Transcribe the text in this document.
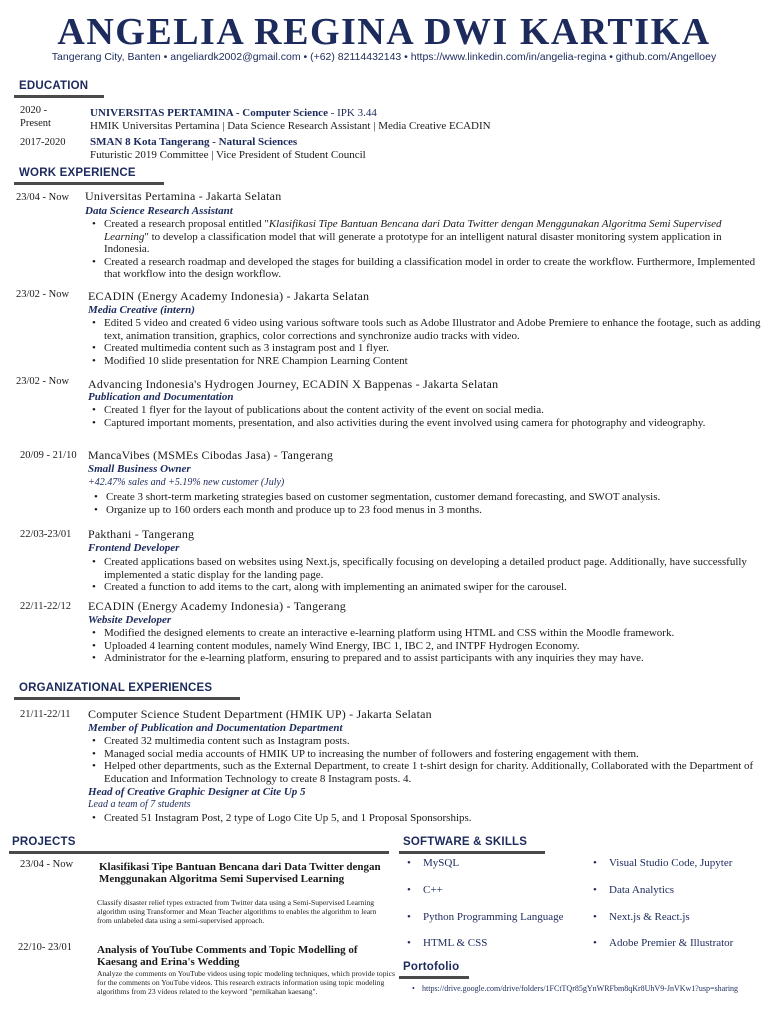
ANGELIA REGINA DWI KARTIKA
Tangerang City, Banten • angeliardk2002@gmail.com • (+62) 82114432143 • https://www.linkedin.com/in/angelia-regina • github.com/Angelloey
EDUCATION
2020 -
Present
UNIVERSITAS PERTAMINA - Computer Science - IPK 3.44
HMIK Universitas Pertamina | Data Science Research Assistant | Media Creative ECADIN
2017-2020 SMAN 8 Kota Tangerang - Natural Sciences
Futuristic 2019 Committee | Vice President of Student Council
WORK EXPERIENCE
23/04 - Now Universitas Pertamina - Jakarta Selatan
Data Science Research Assistant
• Created a research proposal entitled "Klasifikasi Tipe Bantuan Bencana dari Data Twitter dengan Menggunakan Algoritma Semi Supervised Learning" to develop a classification model that will generate a prototype for an intelligent natural disaster monitoring system application in Indonesia.
• Created a research roadmap and developed the stages for building a classification model in order to create the workflow. Furthermore, Implemented that workflow into the design workflow.
23/02 - Now ECADIN (Energy Academy Indonesia) - Jakarta Selatan
Media Creative (intern)
• Edited 5 video and created 6 video using various software tools such as Adobe Illustrator and Adobe Premiere to enhance the footage, such as adding text, animation transition, graphics, color corrections and synchronize audio tracks with video.
• Created multimedia content such as 3 instagram post and 1 flyer.
• Modified 10 slide presentation for NRE Champion Learning Content
23/02 - Now Advancing Indonesia's Hydrogen Journey, ECADIN X Bappenas - Jakarta Selatan
Publication and Documentation
• Created 1 flyer for the layout of publications about the content activity of the event on social media.
• Captured important moments, presentation, and also activities during the event involved using camera for photography and videography.
20/09 - 21/10 MancaVibes (MSMEs Cibodas Jasa) - Tangerang
Small Business Owner
+42.47% sales and +5.19% new customer (July)
• Create 3 short-term marketing strategies based on customer segmentation, customer demand forecasting, and SWOT analysis.
• Organize up to 160 orders each month and produce up to 23 food menus in 3 months.
22/03-23/01 Pakthani - Tangerang
Frontend Developer
• Created applications based on websites using Next.js, specifically focusing on developing a detailed product page. Additionally, have successfully implemented a static display for the landing page.
• Created a function to add items to the cart, along with implementing an animated swiper for the carousel.
22/11-22/12 ECADIN (Energy Academy Indonesia) - Tangerang
Website Developer
• Modified the designed elements to create an interactive e-learning platform using HTML and CSS within the Moodle framework.
• Uploaded 4 learning content modules, namely Wind Energy, IBC 1, IBC 2, and INTPF Hydrogen Economy.
• Administrator for the e-learning platform, ensuring to prepared and to assist participants with any inquiries they may have.
ORGANIZATIONAL EXPERIENCES
21/11-22/11 Computer Science Student Department (HMIK UP) - Jakarta Selatan
Member of Publication and Documentation Department
• Created 32 multimedia content such as Instagram posts.
• Managed social media accounts of HMIK UP to increasing the number of followers and fostering engagement with them.
• Helped other departments, such as the External Department, to create 1 t-shirt design for charity. Additionally, Collaborated with the Department of Education and Information Technology to create 8 Instagram posts. 4.
Head of Creative Graphic Designer at Cite Up 5
Lead a team of 7 students
• Created 51 Instagram Post, 2 type of Logo Cite Up 5, and 1 Proposal Sponsorships.
PROJECTS
23/04 - Now Klasifikasi Tipe Bantuan Bencana dari Data Twitter dengan Menggunakan Algoritma Semi Supervised Learning
Classify disaster relief types extracted from Twitter data using a Semi-Supervised Learning algorithm using Transformer and Mean Teacher algorithms to enables the algorithm to learn from unlabeled data using a semi-supervised approach.
22/10- 23/01 Analysis of YouTube Comments and Topic Modelling of Kaesang and Erina's Wedding
Analyze the comments on YouTube videos using topic modeling techniques, which provide topics for the comments on YouTube videos. This research extracts information using topic modeling algorithms from 23 videos related to the keyword "pernikahan kaesang".
SOFTWARE & SKILLS
• MySQL
• C++
• Python Programming Language
• HTML & CSS
• Visual Studio Code, Jupyter
• Data Analytics
• Next.js & React.js
• Adobe Premier & Illustrator
Portofolio
• https://drive.google.com/drive/folders/1FCtTQr85gYnWRFbm8qKr8UhV9-JnVKw1?usp=sharing
